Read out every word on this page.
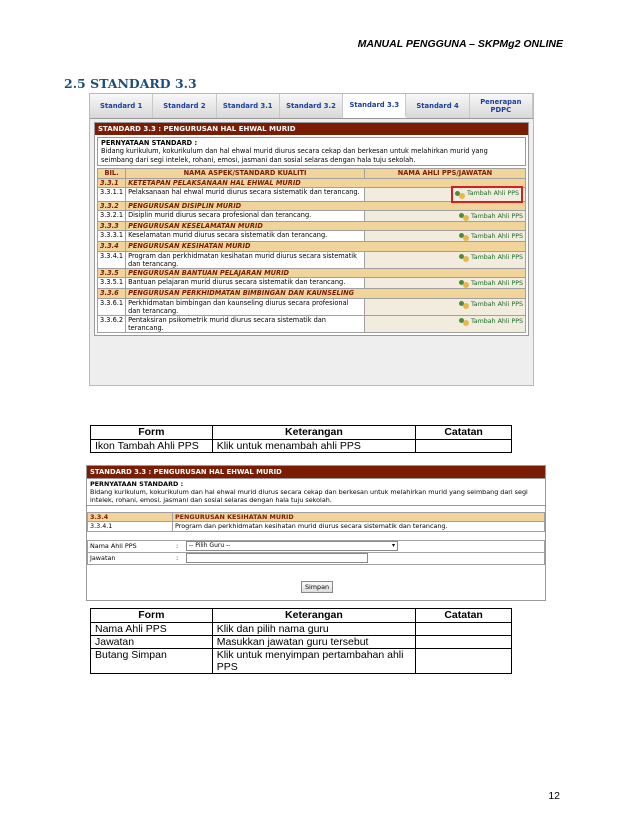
MANUAL PENGGUNA – SKPMg2 ONLINE
2.5 STANDARD 3.3
Standard 1	Standard 2	Standard 3.1	Standard 3.2	Standard 3.3	Standard 4	Penerapan PDPC
STANDARD 3.3 : PENGURUSAN HAL EHWAL MURID
PERNYATAAN STANDARD :
Bidang kurikulum, kokurikulum dan hal ehwal murid diurus secara cekap dan berkesan untuk melahirkan murid yang seimbang dari segi intelek, rohani, emosi, jasmani dan sosial selaras dengan hala tuju sekolah.
BIL.	NAMA ASPEK/STANDARD KUALITI	NAMA AHLI PPS/JAWATAN
3.3.1	KETETAPAN PELAKSANAAN HAL EHWAL MURID	
3.3.1.1	Pelaksanaan hal ehwal murid diurus secara sistematik dan terancang.	Tambah Ahli PPS

3.3.2	PENGURUSAN DISIPLIN MURID	
3.3.2.1	Disiplin murid diurus secara profesional dan terancang.	Tambah Ahli PPS

3.3.3	PENGURUSAN KESELAMATAN MURID	
3.3.3.1	Keselamatan murid diurus secara sistematik dan terancang.	Tambah Ahli PPS

3.3.4	PENGURUSAN KESIHATAN MURID	
3.3.4.1	Program dan perkhidmatan kesihatan murid diurus secara sistematik dan terancang.	Tambah Ahli PPS

3.3.5	PENGURUSAN BANTUAN PELAJARAN MURID	
3.3.5.1	Bantuan pelajaran murid diurus secara sistematik dan terancang.	Tambah Ahli PPS

3.3.6	PENGURUSAN PERKHIDMATAN BIMBINGAN DAN KAUNSELING	
3.3.6.1	Perkhidmatan bimbingan dan kaunseling diurus secara profesional dan terancang.	Tambah Ahli PPS

3.3.6.2	Pentaksiran psikometrik murid diurus secara sistematik dan terancang.	Tambah Ahli PPS
Form	Keterangan	Catatan
Ikon Tambah Ahli PPS	Klik untuk menambah ahli PPS	
STANDARD 3.3 : PENGURUSAN HAL EHWAL MURID
PERNYATAAN STANDARD :
Bidang kurikulum, kokurikulum dan hal ehwal murid diurus secara cekap dan berkesan untuk melahirkan murid yang seimbang dari segi intelek, rohani, emosi, jasmani dan sosial selaras dengan hala tuju sekolah.
3.3.4	PENGURUSAN KESIHATAN MURID
3.3.4.1	Program dan perkhidmatan kesihatan murid diurus secara sistematik dan terancang.
Nama Ahli PPS	:	-- Pilih Guru --	▾
Jawatan	:
Simpan
Form	Keterangan	Catatan
Nama Ahli PPS	Klik dan pilih nama guru	
Jawatan	Masukkan jawatan guru tersebut	
Butang Simpan	Klik untuk menyimpan pertambahan ahli PPS	
12
